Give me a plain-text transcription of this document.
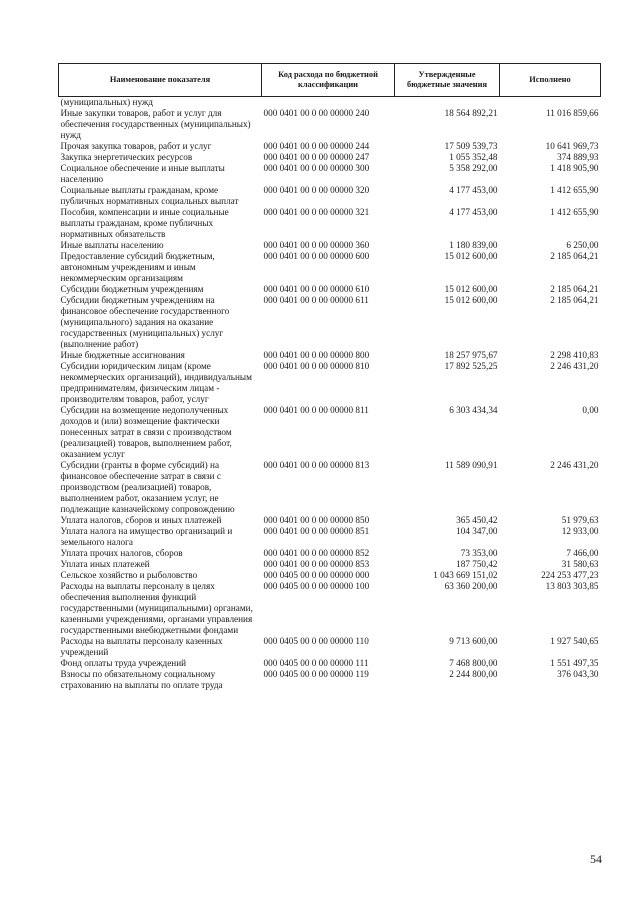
Наименование показателя	Код расхода по бюджетной классификации	Утвержденные бюджетные значения	Исполнено
(муниципальных) нужд			
Иные закупки товаров, работ и услуг для обеспечения государственных (муниципальных) нужд	000 0401 00 0 00 00000 240	18 564 892,21	11 016 859,66
Прочая закупка товаров, работ и услуг	000 0401 00 0 00 00000 244	17 509 539,73	10 641 969,73
Закупка энергетических ресурсов	000 0401 00 0 00 00000 247	1 055 352,48	374 889,93
Социальное обеспечение и иные выплаты населению	000 0401 00 0 00 00000 300	5 358 292,00	1 418 905,90
Социальные выплаты гражданам, кроме публичных нормативных социальных выплат	000 0401 00 0 00 00000 320	4 177 453,00	1 412 655,90
Пособия, компенсации и иные социальные выплаты гражданам, кроме публичных нормативных обязательств	000 0401 00 0 00 00000 321	4 177 453,00	1 412 655,90
Иные выплаты населению	000 0401 00 0 00 00000 360	1 180 839,00	6 250,00
Предоставление субсидий бюджетным, автономным учреждениям и иным некоммерческим организациям	000 0401 00 0 00 00000 600	15 012 600,00	2 185 064,21
Субсидии бюджетным учреждениям	000 0401 00 0 00 00000 610	15 012 600,00	2 185 064,21
Субсидии бюджетным учреждениям на финансовое обеспечение государственного (муниципального) задания на оказание государственных (муниципальных) услуг (выполнение работ)	000 0401 00 0 00 00000 611	15 012 600,00	2 185 064,21
Иные бюджетные ассигнования	000 0401 00 0 00 00000 800	18 257 975,67	2 298 410,83
Субсидии юридическим лицам (кроме некоммерческих организаций), индивидуальным предпринимателям, физическим лицам - производителям товаров, работ, услуг	000 0401 00 0 00 00000 810	17 892 525,25	2 246 431,20
Субсидии на возмещение недополученных доходов и (или) возмещение фактически понесенных затрат в связи с производством (реализацией) товаров, выполнением работ, оказанием услуг	000 0401 00 0 00 00000 811	6 303 434,34	0,00
Субсидии (гранты в форме субсидий) на финансовое обеспечение затрат в связи с производством (реализацией) товаров, выполнением работ, оказанием услуг, не подлежащие казначейскому сопровождению	000 0401 00 0 00 00000 813	11 589 090,91	2 246 431,20
Уплата налогов, сборов и иных платежей	000 0401 00 0 00 00000 850	365 450,42	51 979,63
Уплата налога на имущество организаций и земельного налога	000 0401 00 0 00 00000 851	104 347,00	12 933,00
Уплата прочих налогов, сборов	000 0401 00 0 00 00000 852	73 353,00	7 466,00
Уплата иных платежей	000 0401 00 0 00 00000 853	187 750,42	31 580,63
Сельское хозяйство и рыболовство	000 0405 00 0 00 00000 000	1 043 669 151,02	224 253 477,23
Расходы на выплаты персоналу в целях обеспечения выполнения функций государственными (муниципальными) органами, казенными учреждениями, органами управления государственными внебюджетными фондами	000 0405 00 0 00 00000 100	63 360 200,00	13 803 303,85
Расходы на выплаты персоналу казенных учреждений	000 0405 00 0 00 00000 110	9 713 600,00	1 927 540,65
Фонд оплаты труда учреждений	000 0405 00 0 00 00000 111	7 468 800,00	1 551 497,35
Взносы по обязательному социальному страхованию на выплаты по оплате труда	000 0405 00 0 00 00000 119	2 244 800,00	376 043,30
54
